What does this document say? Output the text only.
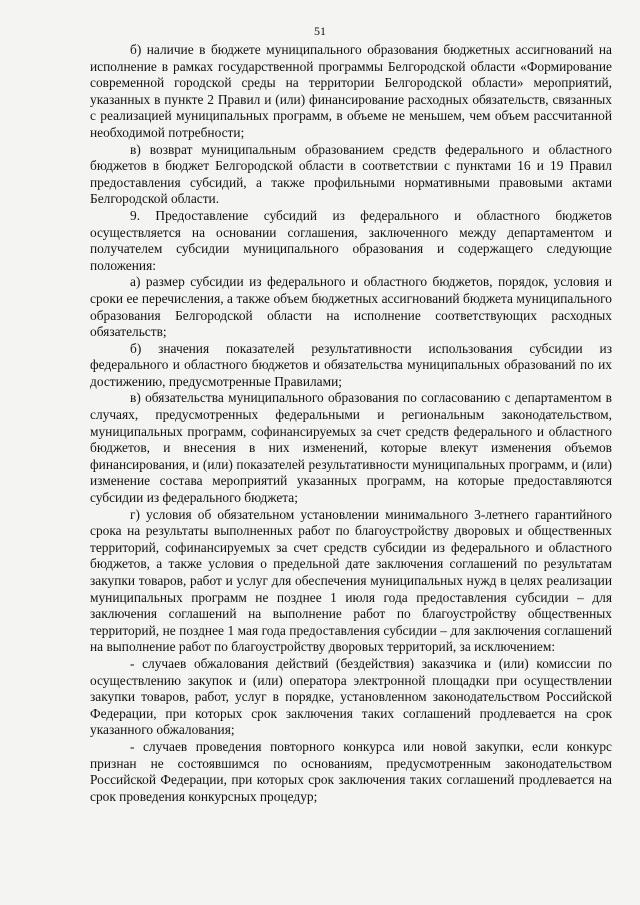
51

б) наличие в бюджете муниципального образования бюджетных ассигнований на исполнение в рамках государственной программы Белгородской области «Формирование современной городской среды на территории Белгородской области» мероприятий, указанных в пункте 2 Правил и (или) финансирование расходных обязательств, связанных с реализацией муниципальных программ, в объеме не меньшем, чем объем рассчитанной необходимой потребности;

в) возврат муниципальным образованием средств федерального и областного бюджетов в бюджет Белгородской области в соответствии с пунктами 16 и 19 Правил предоставления субсидий, а также профильными нормативными правовыми актами Белгородской области.

9. Предоставление субсидий из федерального и областного бюджетов осуществляется на основании соглашения, заключенного между департаментом и получателем субсидии муниципального образования и содержащего следующие положения:

а) размер субсидии из федерального и областного бюджетов, порядок, условия и сроки ее перечисления, а также объем бюджетных ассигнований бюджета муниципального образования Белгородской области на исполнение соответствующих расходных обязательств;

б) значения показателей результативности использования субсидии из федерального и областного бюджетов и обязательства муниципальных образований по их достижению, предусмотренные Правилами;

в) обязательства муниципального образования по согласованию с департаментом в случаях, предусмотренных федеральными и региональным законодательством, муниципальных программ, софинансируемых за счет средств федерального и областного бюджетов, и внесения в них изменений, которые влекут изменения объемов финансирования, и (или) показателей результативности муниципальных программ, и (или) изменение состава мероприятий указанных программ, на которые предоставляются субсидии из федерального бюджета;

г) условия об обязательном установлении минимального 3-летнего гарантийного срока на результаты выполненных работ по благоустройству дворовых и общественных территорий, софинансируемых за счет средств субсидии из федерального и областного бюджетов, а также условия о предельной дате заключения соглашений по результатам закупки товаров, работ и услуг для обеспечения муниципальных нужд в целях реализации муниципальных программ не позднее 1 июля года предоставления субсидии – для заключения соглашений на выполнение работ по благоустройству общественных территорий, не позднее 1 мая года предоставления субсидии – для заключения соглашений на выполнение работ по благоустройству дворовых территорий, за исключением:

- случаев обжалования действий (бездействия) заказчика и (или) комиссии по осуществлению закупок и (или) оператора электронной площадки при осуществлении закупки товаров, работ, услуг в порядке, установленном законодательством Российской Федерации, при которых срок заключения таких соглашений продлевается на срок указанного обжалования;

- случаев проведения повторного конкурса или новой закупки, если конкурс признан не состоявшимся по основаниям, предусмотренным законодательством Российской Федерации, при которых срок заключения таких соглашений продлевается на срок проведения конкурсных процедур;
